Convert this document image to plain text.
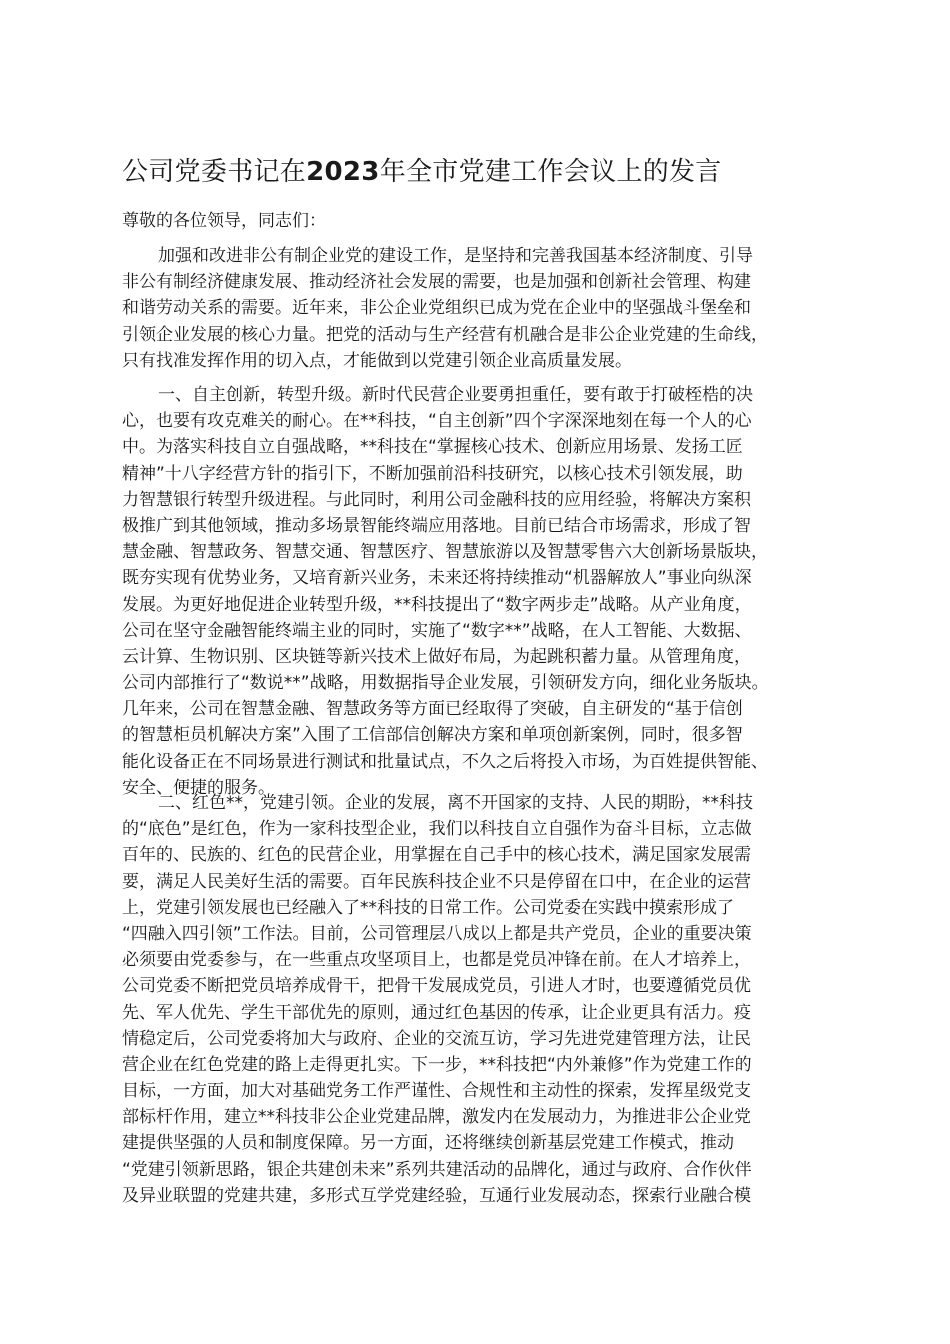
公司党委书记在2023年全市党建工作会议上的发言

尊敬的各位领导，同志们：

加强和改进非公有制企业党的建设工作，是坚持和完善我国基本经济制度、引导
非公有制经济健康发展、推动经济社会发展的需要，也是加强和创新社会管理、构建
和谐劳动关系的需要。近年来，非公企业党组织已成为党在企业中的坚强战斗堡垒和
引领企业发展的核心力量。把党的活动与生产经营有机融合是非公企业党建的生命线，
只有找准发挥作用的切入点，才能做到以党建引领企业高质量发展。
一、自主创新，转型升级。新时代民营企业要勇担重任，要有敢于打破桎梏的决
心，也要有攻克难关的耐心。在**科技，“自主创新”四个字深深地刻在每一个人的心
中。为落实科技自立自强战略，**科技在“掌握核心技术、创新应用场景、发扬工匠
精神”十八字经营方针的指引下，不断加强前沿科技研究，以核心技术引领发展，助
力智慧银行转型升级进程。与此同时，利用公司金融科技的应用经验，将解决方案积
极推广到其他领域，推动多场景智能终端应用落地。目前已结合市场需求，形成了智
慧金融、智慧政务、智慧交通、智慧医疗、智慧旅游以及智慧零售六大创新场景版块，
既夯实现有优势业务，又培育新兴业务，未来还将持续推动“机器解放人”事业向纵深
发展。为更好地促进企业转型升级，**科技提出了“数字两步走”战略。从产业角度，
公司在坚守金融智能终端主业的同时，实施了“数字**”战略，在人工智能、大数据、
云计算、生物识别、区块链等新兴技术上做好布局，为起跳积蓄力量。从管理角度，
公司内部推行了“数说**”战略，用数据指导企业发展，引领研发方向，细化业务版块。
几年来，公司在智慧金融、智慧政务等方面已经取得了突破，自主研发的“基于信创
的智慧柜员机解决方案”入围了工信部信创解决方案和单项创新案例，同时，很多智
能化设备正在不同场景进行测试和批量试点，不久之后将投入市场，为百姓提供智能、
安全、便捷的服务。
二、红色**，党建引领。企业的发展，离不开国家的支持、人民的期盼，**科技
的“底色”是红色，作为一家科技型企业，我们以科技自立自强作为奋斗目标，立志做
百年的、民族的、红色的民营企业，用掌握在自己手中的核心技术，满足国家发展需
要，满足人民美好生活的需要。百年民族科技企业不只是停留在口中，在企业的运营
上，党建引领发展也已经融入了**科技的日常工作。公司党委在实践中摸索形成了
“四融入四引领”工作法。目前，公司管理层八成以上都是共产党员，企业的重要决策
必须要由党委参与，在一些重点攻坚项目上，也都是党员冲锋在前。在人才培养上，
公司党委不断把党员培养成骨干，把骨干发展成党员，引进人才时，也要遵循党员优
先、军人优先、学生干部优先的原则，通过红色基因的传承，让企业更具有活力。疫
情稳定后，公司党委将加大与政府、企业的交流互访，学习先进党建管理方法，让民
营企业在红色党建的路上走得更扎实。下一步，**科技把“内外兼修”作为党建工作的
目标，一方面，加大对基础党务工作严谨性、合规性和主动性的探索，发挥星级党支
部标杆作用，建立**科技非公企业党建品牌，激发内在发展动力，为推进非公企业党
建提供坚强的人员和制度保障。另一方面，还将继续创新基层党建工作模式，推动
“党建引领新思路，银企共建创未来”系列共建活动的品牌化，通过与政府、合作伙伴
及异业联盟的党建共建，多形式互学党建经验，互通行业发展动态，探索行业融合模
